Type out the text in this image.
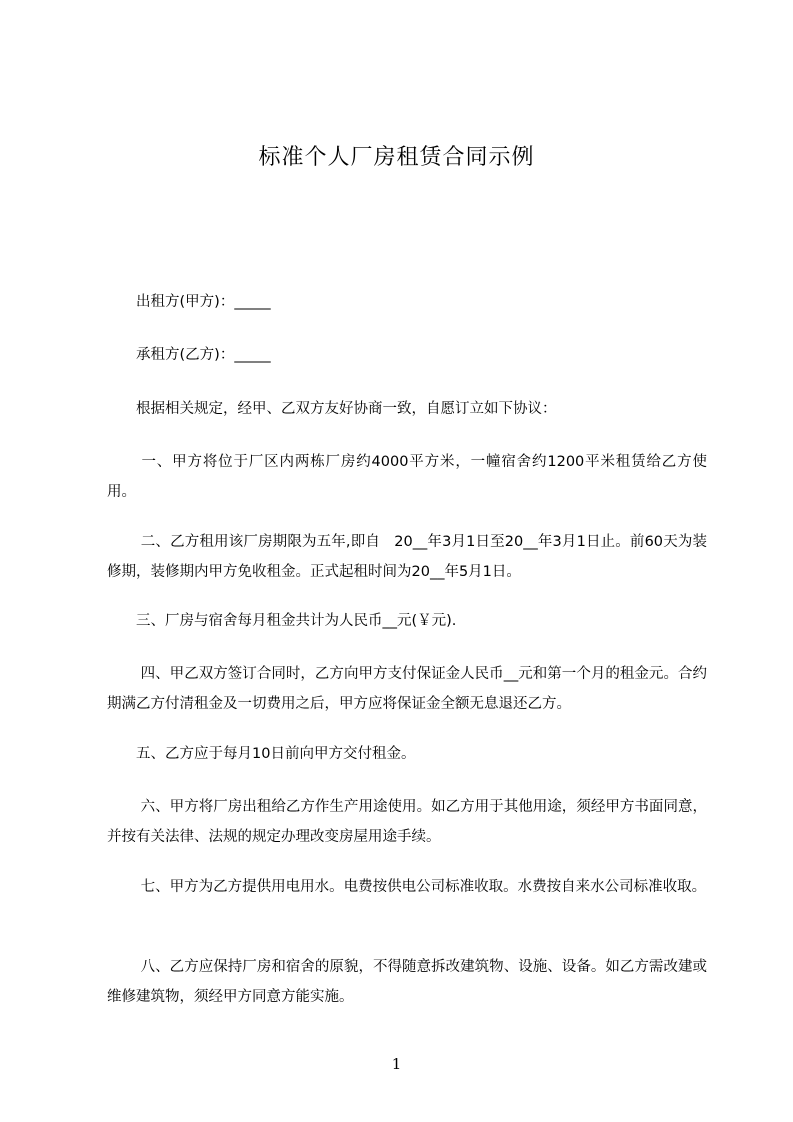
标准个人厂房租赁合同示例

出租方(甲方)：_____

承租方(乙方)：_____

根据相关规定，经甲、乙双方友好协商一致，自愿订立如下协议：

一、甲方将位于厂区内两栋厂房约4000平方米，一幢宿舍约1200平米租赁给乙方使用。

二、乙方租用该厂房期限为五年,即自   20__年3月1日至20__年3月1日止。前60天为装修期，装修期内甲方免收租金。正式起租时间为20__年5月1日。

三、厂房与宿舍每月租金共计为人民币__元(￥元).

四、甲乙双方签订合同时，乙方向甲方支付保证金人民币__元和第一个月的租金元。合约期满乙方付清租金及一切费用之后，甲方应将保证金全额无息退还乙方。

五、乙方应于每月10日前向甲方交付租金。

六、甲方将厂房出租给乙方作生产用途使用。如乙方用于其他用途，须经甲方书面同意，并按有关法律、法规的规定办理改变房屋用途手续。

七、甲方为乙方提供用电用水。电费按供电公司标准收取。水费按自来水公司标准收取。

八、乙方应保持厂房和宿舍的原貌，不得随意拆改建筑物、设施、设备。如乙方需改建或维修建筑物，须经甲方同意方能实施。

1
